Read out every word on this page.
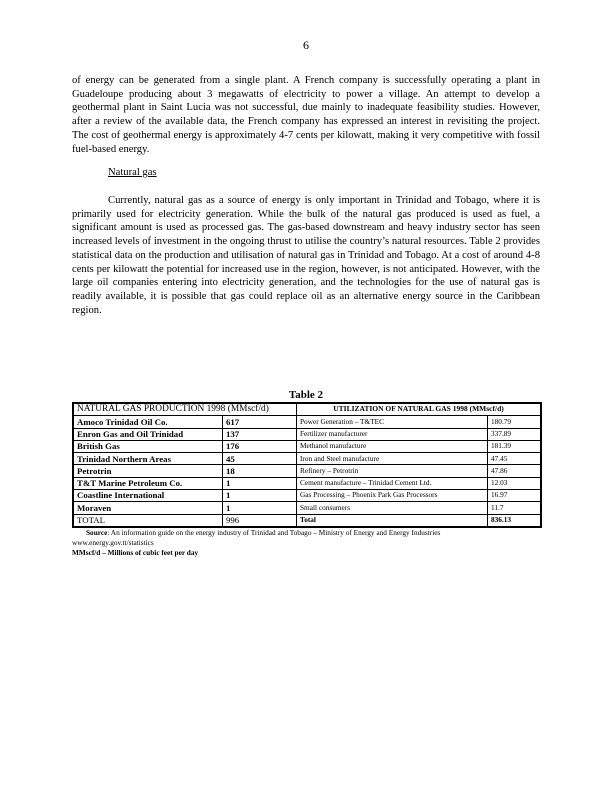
6

of energy can be generated from a single plant. A French company is successfully operating a plant in Guadeloupe producing about 3 megawatts of electricity to power a village. An attempt to develop a geothermal plant in Saint Lucia was not successful, due mainly to inadequate feasibility studies. However, after a review of the available data, the French company has expressed an interest in revisiting the project. The cost of geothermal energy is approximately 4-7 cents per kilowatt, making it very competitive with fossil fuel-based energy.

Natural gas

Currently, natural gas as a source of energy is only important in Trinidad and Tobago, where it is primarily used for electricity generation. While the bulk of the natural gas produced is used as fuel, a significant amount is used as processed gas. The gas-based downstream and heavy industry sector has seen increased levels of investment in the ongoing thrust to utilise the country’s natural resources. Table 2 provides statistical data on the production and utilisation of natural gas in Trinidad and Tobago. At a cost of around 4-8 cents per kilowatt the potential for increased use in the region, however, is not anticipated. However, with the large oil companies entering into electricity generation, and the technologies for the use of natural gas is readily available, it is possible that gas could replace oil as an alternative energy source in the Caribbean region.

Table 2
NATURAL GAS PRODUCTION 1998 (MMscf/d)		UTILIZATION OF NATURAL GAS 1998 (MMscf/d)	
Amoco Trinidad Oil Co.	617	Power Generation – T&TEC	180.79
Enron Gas and Oil Trinidad	137	Fertilizer manufacturer	337.89
British Gas	176	Methanol manufacture	181.39
Trinidad Northern Areas	45	Iron and Steel manufacture	47.45
Petrotrin	18	Refinery – Petrotrin	47.86
T&T Marine Petroleum Co.	1	Cement manufacture – Trinidad Cement Ltd.	12.03
Coastline International	1	Gas Processing – Phoenix Park Gas Processors	16.97
Moraven	1	Small consumers	11.7
TOTAL	996	Total	836.13
Source: An information guide on the energy industry of Trinidad and Tobago – Ministry of Energy and Energy Industries
www.energy.gov.tt/statistics
MMscf/d – Millions of cubic feet per day
